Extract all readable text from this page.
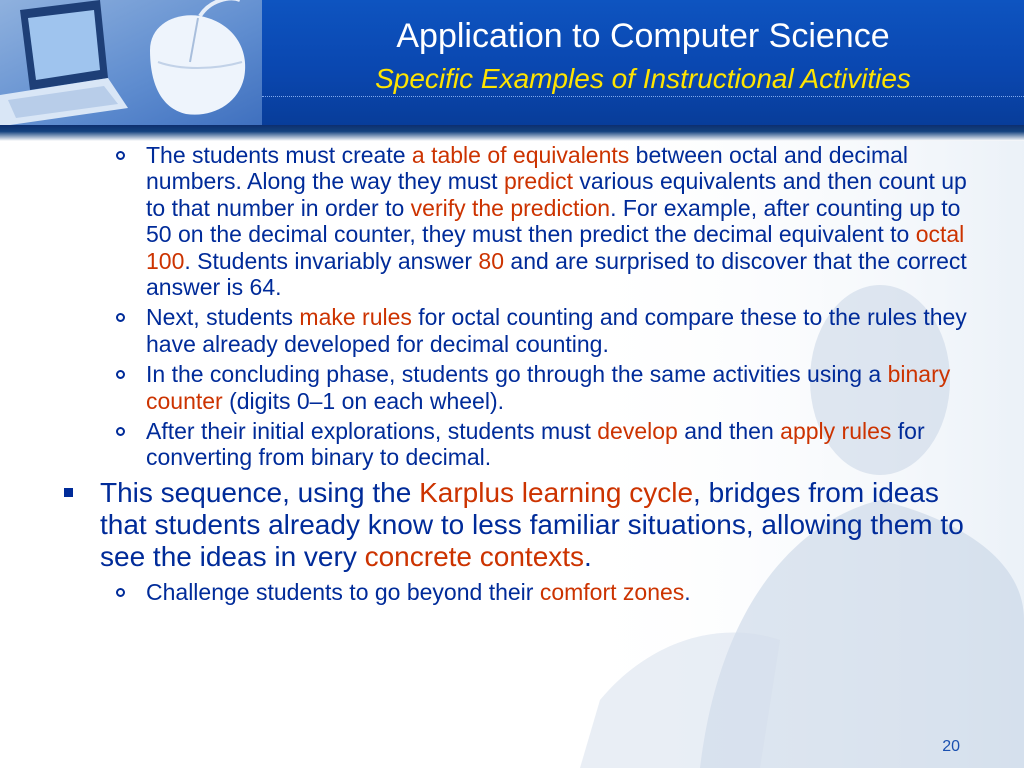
Application to Computer Science
Specific Examples of Instructional Activities
The students must create a table of equivalents between octal and decimal numbers. Along the way they must predict various equivalents and then count up to that number in order to verify the prediction. For example, after counting up to 50 on the decimal counter, they must then predict the decimal equivalent to octal 100. Students invariably answer 80 and are surprised to discover that the correct answer is 64.
Next, students make rules for octal counting and compare these to the rules they have already developed for decimal counting.
In the concluding phase, students go through the same activities using a binary counter (digits 0–1 on each wheel).
After their initial explorations, students must develop and then apply rules for converting from binary to decimal.
This sequence, using the Karplus learning cycle, bridges from ideas that students already know to less familiar situations, allowing them to see the ideas in very concrete contexts.
Challenge students to go beyond their comfort zones.
20
